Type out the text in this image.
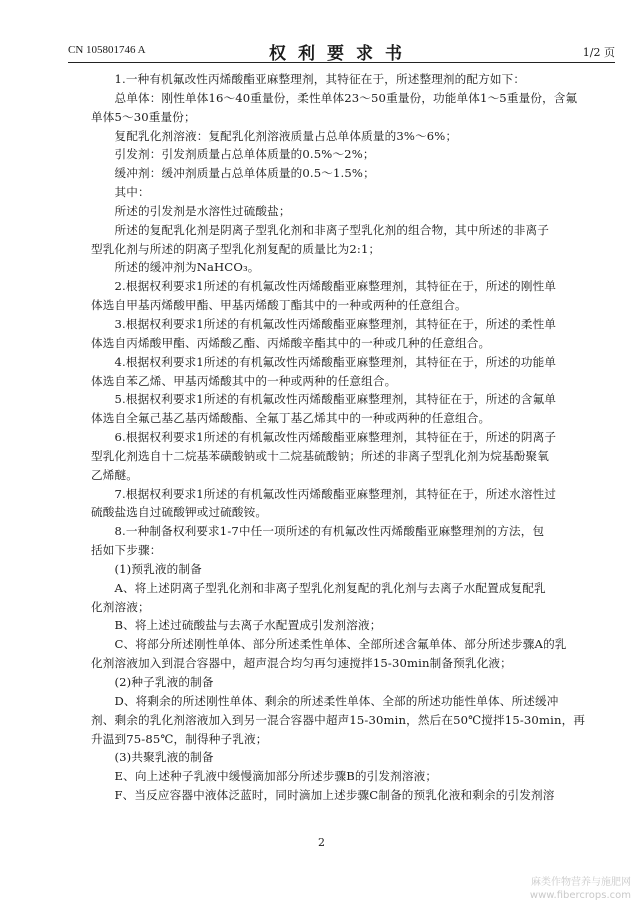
CN 105801746 A	权利要求书	1/2 页

　　1.一种有机氟改性丙烯酸酯亚麻整理剂，其特征在于，所述整理剂的配方如下：

　　总单体：刚性单体16～40重量份，柔性单体23～50重量份，功能单体1～5重量份，含氟

单体5～30重量份；

　　复配乳化剂溶液：复配乳化剂溶液质量占总单体质量的3%～6%；

　　引发剂：引发剂质量占总单体质量的0.5%～2%；

　　缓冲剂：缓冲剂质量占总单体质量的0.5～1.5%；

　　其中：

　　所述的引发剂是水溶性过硫酸盐；

　　所述的复配乳化剂是阴离子型乳化剂和非离子型乳化剂的组合物，其中所述的非离子

型乳化剂与所述的阴离子型乳化剂复配的质量比为2:1；

　　所述的缓冲剂为NaHCO₃。

　　2.根据权利要求1所述的有机氟改性丙烯酸酯亚麻整理剂，其特征在于，所述的刚性单

体选自甲基丙烯酸甲酯、甲基丙烯酸丁酯其中的一种或两种的任意组合。

　　3.根据权利要求1所述的有机氟改性丙烯酸酯亚麻整理剂，其特征在于，所述的柔性单

体选自丙烯酸甲酯、丙烯酸乙酯、丙烯酸辛酯其中的一种或几种的任意组合。

　　4.根据权利要求1所述的有机氟改性丙烯酸酯亚麻整理剂，其特征在于，所述的功能单

体选自苯乙烯、甲基丙烯酸其中的一种或两种的任意组合。

　　5.根据权利要求1所述的有机氟改性丙烯酸酯亚麻整理剂，其特征在于，所述的含氟单

体选自全氟己基乙基丙烯酸酯、全氟丁基乙烯其中的一种或两种的任意组合。

　　6.根据权利要求1所述的有机氟改性丙烯酸酯亚麻整理剂，其特征在于，所述的阴离子

型乳化剂选自十二烷基苯磺酸钠或十二烷基硫酸钠；所述的非离子型乳化剂为烷基酚聚氧

乙烯醚。

　　7.根据权利要求1所述的有机氟改性丙烯酸酯亚麻整理剂，其特征在于，所述水溶性过

硫酸盐选自过硫酸钾或过硫酸铵。

　　8.一种制备权利要求1-7中任一项所述的有机氟改性丙烯酸酯亚麻整理剂的方法，包

括如下步骤：

　　(1)预乳液的制备

　　A、将上述阴离子型乳化剂和非离子型乳化剂复配的乳化剂与去离子水配置成复配乳

化剂溶液；

　　B、将上述过硫酸盐与去离子水配置成引发剂溶液；

　　C、将部分所述刚性单体、部分所述柔性单体、全部所述含氟单体、部分所述步骤A的乳

化剂溶液加入到混合容器中，超声混合均匀再匀速搅拌15-30min制备预乳化液；

　　(2)种子乳液的制备

　　D、将剩余的所述刚性单体、剩余的所述柔性单体、全部的所述功能性单体、所述缓冲

剂、剩余的乳化剂溶液加入到另一混合容器中超声15-30min，然后在50℃搅拌15-30min，再

升温到75-85℃，制得种子乳液；

　　(3)共聚乳液的制备

　　E、向上述种子乳液中缓慢滴加部分所述步骤B的引发剂溶液；

　　F、当反应容器中液体泛蓝时，同时滴加上述步骤C制备的预乳化液和剩余的引发剂溶

2
麻类作物营养与施肥网
www.fibercrops.com
